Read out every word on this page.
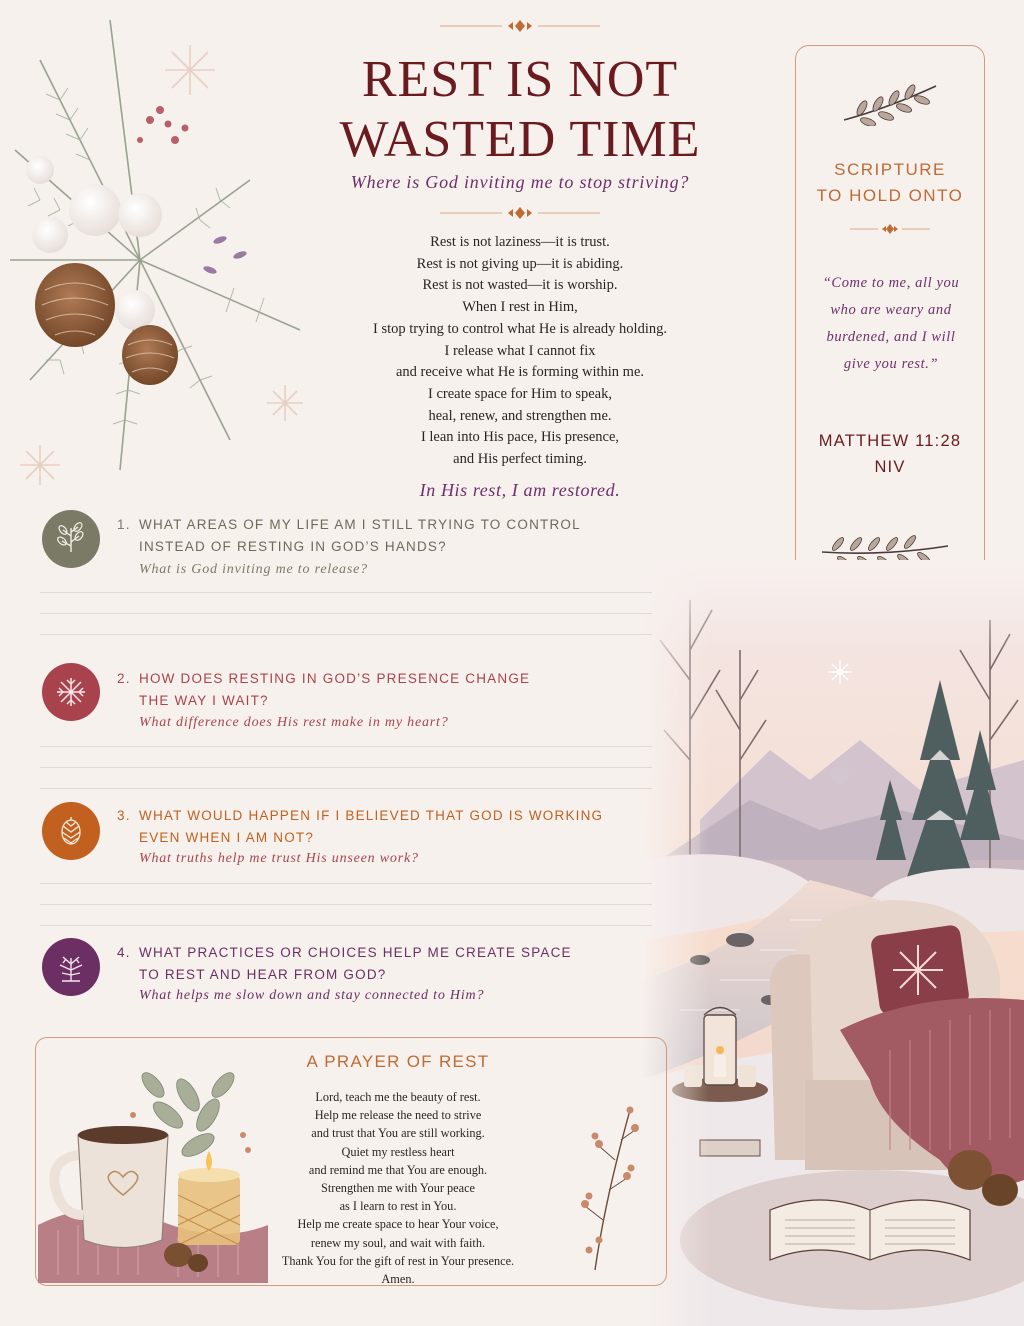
REST IS NOT
WASTED TIME
Where is God inviting me to stop striving?
Rest is not laziness—it is trust.
Rest is not giving up—it is abiding.
Rest is not wasted—it is worship.
When I rest in Him,
I stop trying to control what He is already holding.
I release what I cannot fix
and receive what He is forming within me.
I create space for Him to speak,
heal, renew, and strengthen me.
I lean into His pace, His presence,
and His perfect timing.
In His rest, I am restored.
SCRIPTURE
TO HOLD ONTO
“Come to me, all you
who are weary and
burdened, and I will
give you rest.”
MATTHEW 11:28
NIV
1. WHAT AREAS OF MY LIFE AM I STILL TRYING TO CONTROL
INSTEAD OF RESTING IN GOD’S HANDS?
What is God inviting me to release?
2. HOW DOES RESTING IN GOD’S PRESENCE CHANGE
THE WAY I WAIT?
What difference does His rest make in my heart?
3. WHAT WOULD HAPPEN IF I BELIEVED THAT GOD IS WORKING
EVEN WHEN I AM NOT?
What truths help me trust His unseen work?
4. WHAT PRACTICES OR CHOICES HELP ME CREATE SPACE
TO REST AND HEAR FROM GOD?
What helps me slow down and stay connected to Him?
A PRAYER OF REST
Lord, teach me the beauty of rest.
Help me release the need to strive
and trust that You are still working.
Quiet my restless heart
and remind me that You are enough.
Strengthen me with Your peace
as I learn to rest in You.
Help me create space to hear Your voice,
renew my soul, and wait with faith.
Thank You for the gift of rest in Your presence.
Amen.
